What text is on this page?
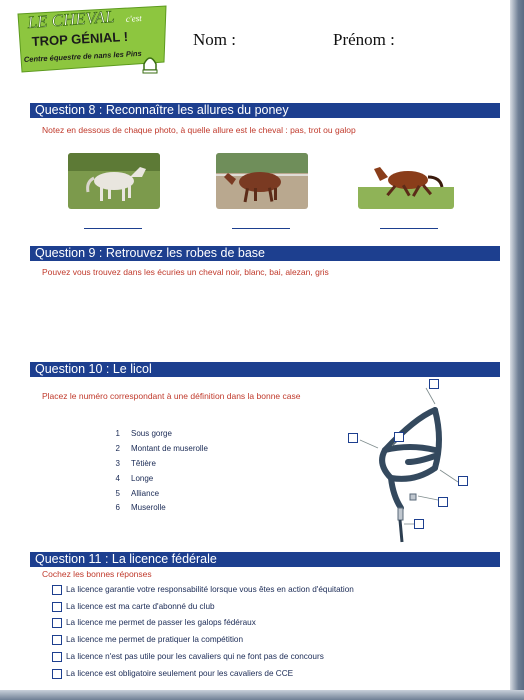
LE CHEVAL c'est
TROP GÉNIAL !
Centre équestre de nans les Pins
Nom :	Prénom :
Question 8 : Reconnaître les allures du poney
Notez en dessous de chaque photo, à quelle allure est le cheval : pas, trot ou galop
Question 9 : Retrouvez les robes de base
Pouvez vous trouvez dans les écuries un cheval noir, blanc, bai, alezan, gris
Question 10 : Le licol
Placez le numéro correspondant à une définition dans la bonne case
1 Sous gorge
2 Montant de muserolle
3 Têtière
4 Longe
5 Alliance
6 Muserolle
Question 11 : La licence fédérale
Cochez les bonnes réponses
La licence garantie votre responsabilité lorsque vous êtes en action d'équitation
La licence est ma carte d'abonné du club
La licence me permet de passer les galops fédéraux
La licence me permet de pratiquer la compétition
La licence n'est pas utile pour les cavaliers qui ne font pas de concours
La licence est obligatoire seulement pour les cavaliers de CCE
